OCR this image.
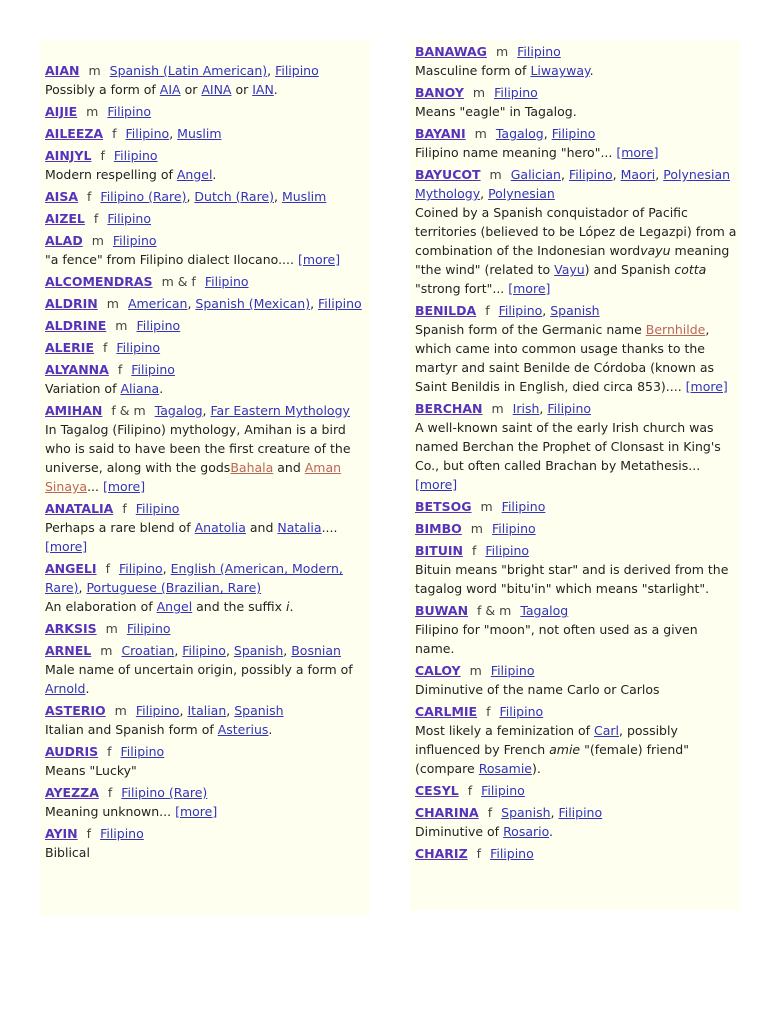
AIAN m Spanish (Latin American), Filipino
Possibly a form of AIA or AINA or IAN.
AIJIE m Filipino
AILEEZA f Filipino, Muslim
AINJYL f Filipino
Modern respelling of Angel.
AISA f Filipino (Rare), Dutch (Rare), Muslim
AIZEL f Filipino
ALAD m Filipino
"a fence" from Filipino dialect Ilocano.... [more]
ALCOMENDRAS m & f Filipino
ALDRIN m American, Spanish (Mexican), Filipino
ALDRINE m Filipino
ALERIE f Filipino
ALYANNA f Filipino
Variation of Aliana.
AMIHAN f & m Tagalog, Far Eastern Mythology
In Tagalog (Filipino) mythology, Amihan is a bird who is said to have been the first creature of the universe, along with the godsBahala and Aman Sinaya... [more]
ANATALIA f Filipino
Perhaps a rare blend of Anatolia and Natalia.... [more]
ANGELI f Filipino, English (American, Modern, Rare), Portuguese (Brazilian, Rare)
An elaboration of Angel and the suffix i.
ARKSIS m Filipino
ARNEL m Croatian, Filipino, Spanish, Bosnian
Male name of uncertain origin, possibly a form of Arnold.
ASTERIO m Filipino, Italian, Spanish
Italian and Spanish form of Asterius.
AUDRIS f Filipino
Means "Lucky"
AYEZZA f Filipino (Rare)
Meaning unknown... [more]
AYIN f Filipino
Biblical
BANAWAG m Filipino
Masculine form of Liwayway.
BANOY m Filipino
Means "eagle" in Tagalog.
BAYANI m Tagalog, Filipino
Filipino name meaning "hero"... [more]
BAYUCOT m Galician, Filipino, Maori, Polynesian Mythology, Polynesian
Coined by a Spanish conquistador of Pacific territories (believed to be López de Legazpi) from a combination of the Indonesian wordvayu meaning "the wind" (related to Vayu) and Spanish cotta "strong fort"... [more]
BENILDA f Filipino, Spanish
Spanish form of the Germanic name Bernhilde, which came into common usage thanks to the martyr and saint Benilde de Córdoba (known as Saint Benildis in English, died circa 853).... [more]
BERCHAN m Irish, Filipino
A well-known saint of the early Irish church was named Berchan the Prophet of Clonsast in King's Co., but often called Brachan by Metathesis... [more]
BETSOG m Filipino
BIMBO m Filipino
BITUIN f Filipino
Bituin means "bright star" and is derived from the tagalog word "bitu'in" which means "starlight".
BUWAN f & m Tagalog
Filipino for "moon", not often used as a given name.
CALOY m Filipino
Diminutive of the name Carlo or Carlos
CARLMIE f Filipino
Most likely a feminization of Carl, possibly influenced by French amie "(female) friend" (compare Rosamie).
CESYL f Filipino
CHARINA f Spanish, Filipino
Diminutive of Rosario.
CHARIZ f Filipino
